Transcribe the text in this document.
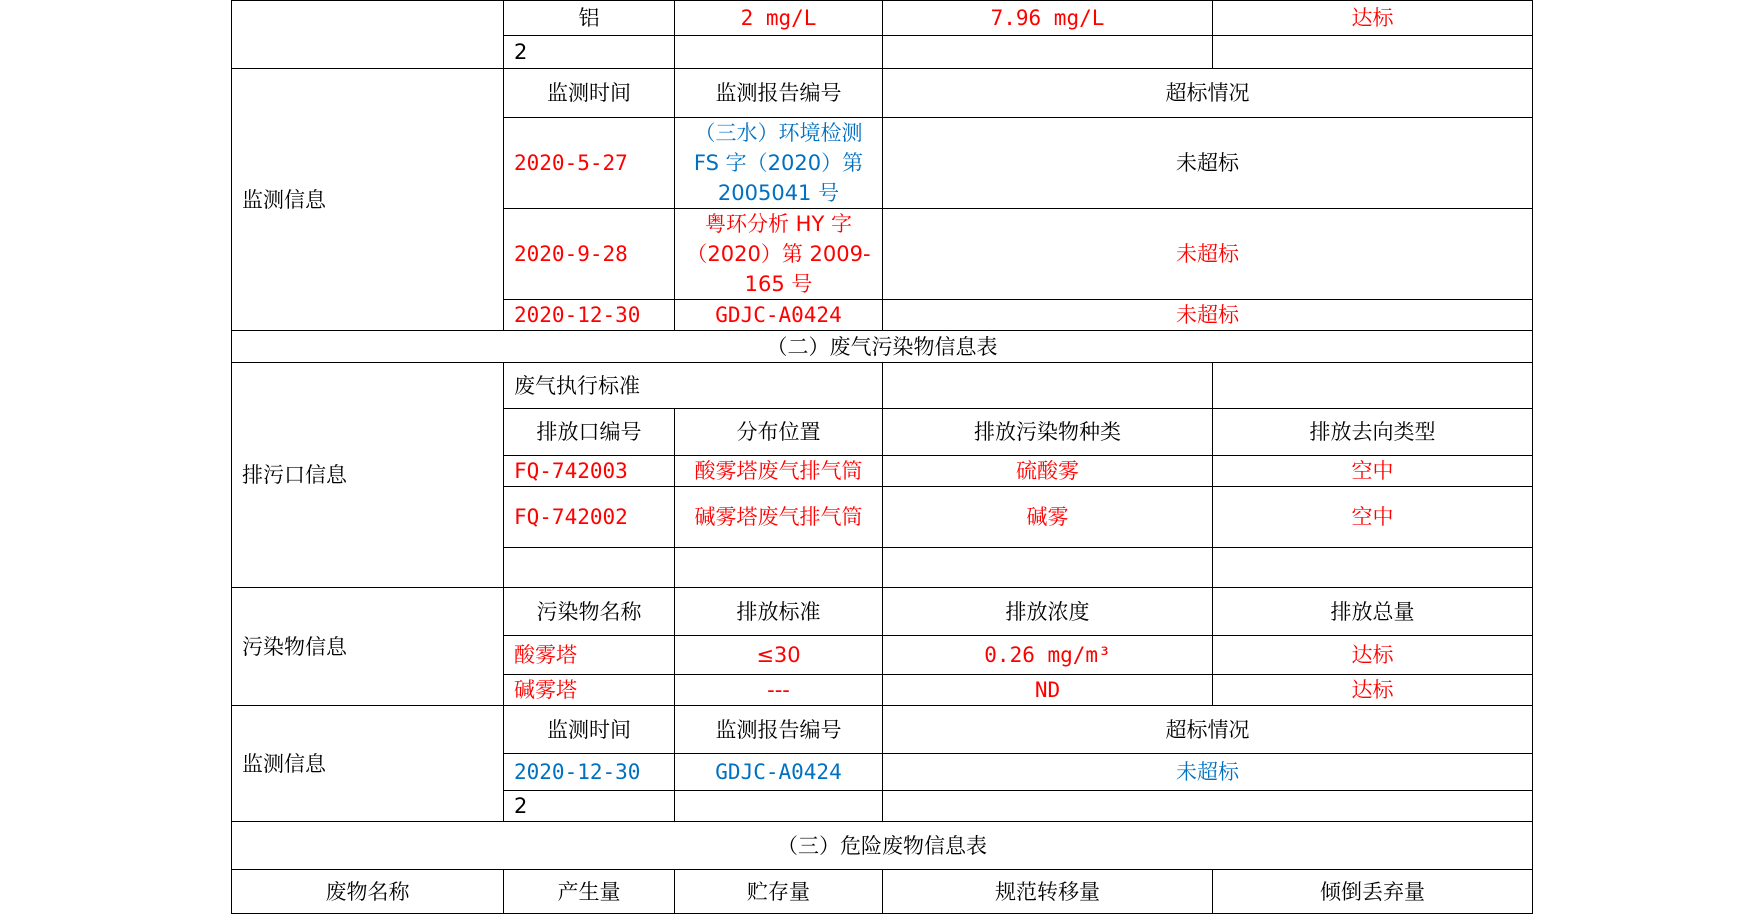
	铝	2 mg/L	7.96 mg/L	达标
	2			
监测信息	监测时间	监测报告编号	超标情况	
	2020-5-27	（三水）环境检测 FS 字（2020）第 2005041 号	未超标	
	2020-9-28	粤环分析 HY 字 （2020）第 2009-165 号	未超标	
	2020-12-30	GDJC-A0424	未超标	
（二）废气污染物信息表				
排污口信息	废气执行标准			
	排放口编号	分布位置	排放污染物种类	排放去向类型
	FQ-742003	酸雾塔废气排气筒	硫酸雾	空中
	FQ-742002	碱雾塔废气排气筒	碱雾	空中

污染物信息	污染物名称	排放标准	排放浓度	排放总量
	酸雾塔	≤30	0.26 mg/m³	达标
	碱雾塔	---	ND	达标
监测信息	监测时间	监测报告编号	超标情况	
	2020-12-30	GDJC-A0424	未超标	
	2			
（三）危险废物信息表				
废物名称	产生量	贮存量	规范转移量	倾倒丢弃量
